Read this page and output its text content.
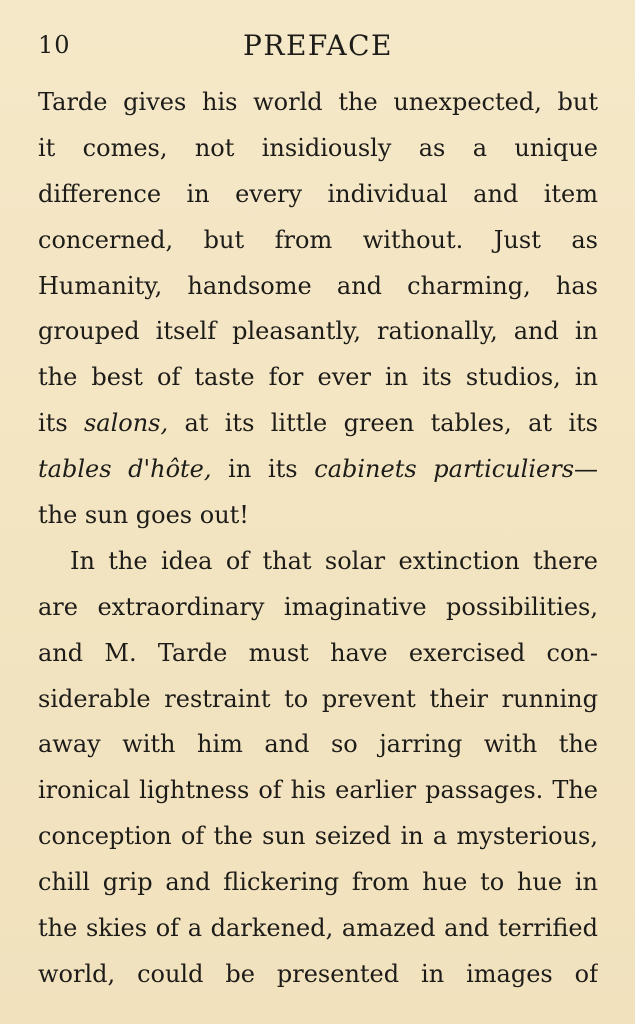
10	PREFACE
Tarde gives his world the unexpected, but
it comes, not insidiously as a unique
difference in every individual and item
concerned, but from without. Just as
Humanity, handsome and charming, has
grouped itself pleasantly, rationally, and in
the best of taste for ever in its studios, in
its salons, at its little green tables, at its
tables d'hôte, in its cabinets particuliers—
the sun goes out!
In the idea of that solar extinction there
are extraordinary imaginative possibilities,
and M. Tarde must have exercised con-
siderable restraint to prevent their running
away with him and so jarring with the
ironical lightness of his earlier passages. The
conception of the sun seized in a mysterious,
chill grip and flickering from hue to hue in
the skies of a darkened, amazed and terrified
world, could be presented in images of
